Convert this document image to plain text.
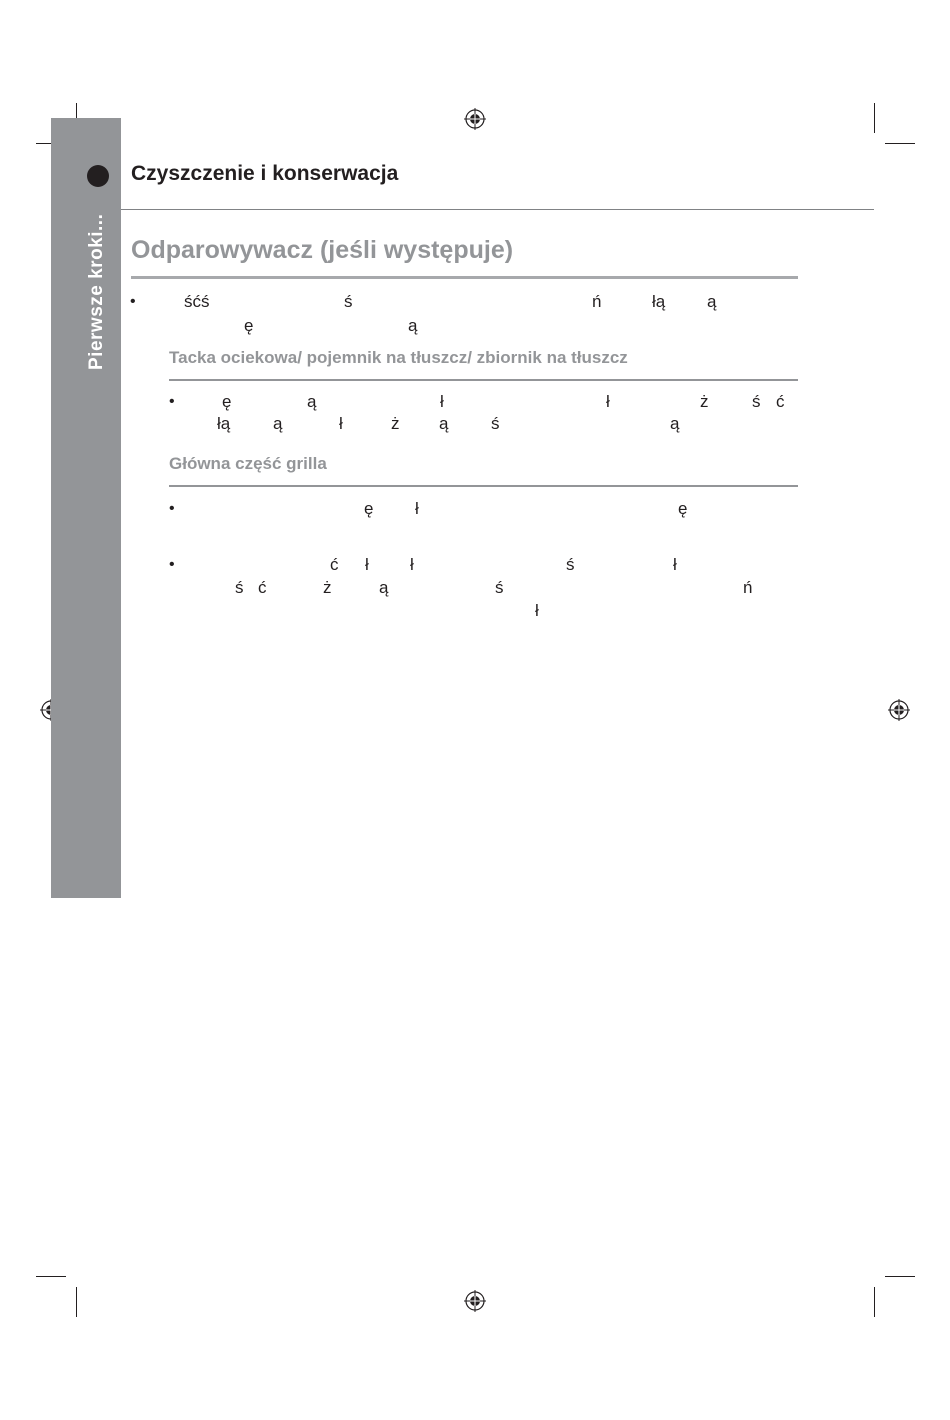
Pierwsze kroki...
Czyszczenie i konserwacja
Odparowywacz (jeśli występuje)
•	śćś	ś	ń	łą ą
ę	ą
Tacka ociekowa/ pojemnik na tłuszcz/ zbiornik na tłuszcz
•	ę	ą	ł	ł	ż	ś ć
łą	ą	ł	ż ą	ś	ą
Główna część grilla
•	ę ł	ę
•	ć ł ł	ś	ł
ś ć	ż	ą	ś	ń
ł
